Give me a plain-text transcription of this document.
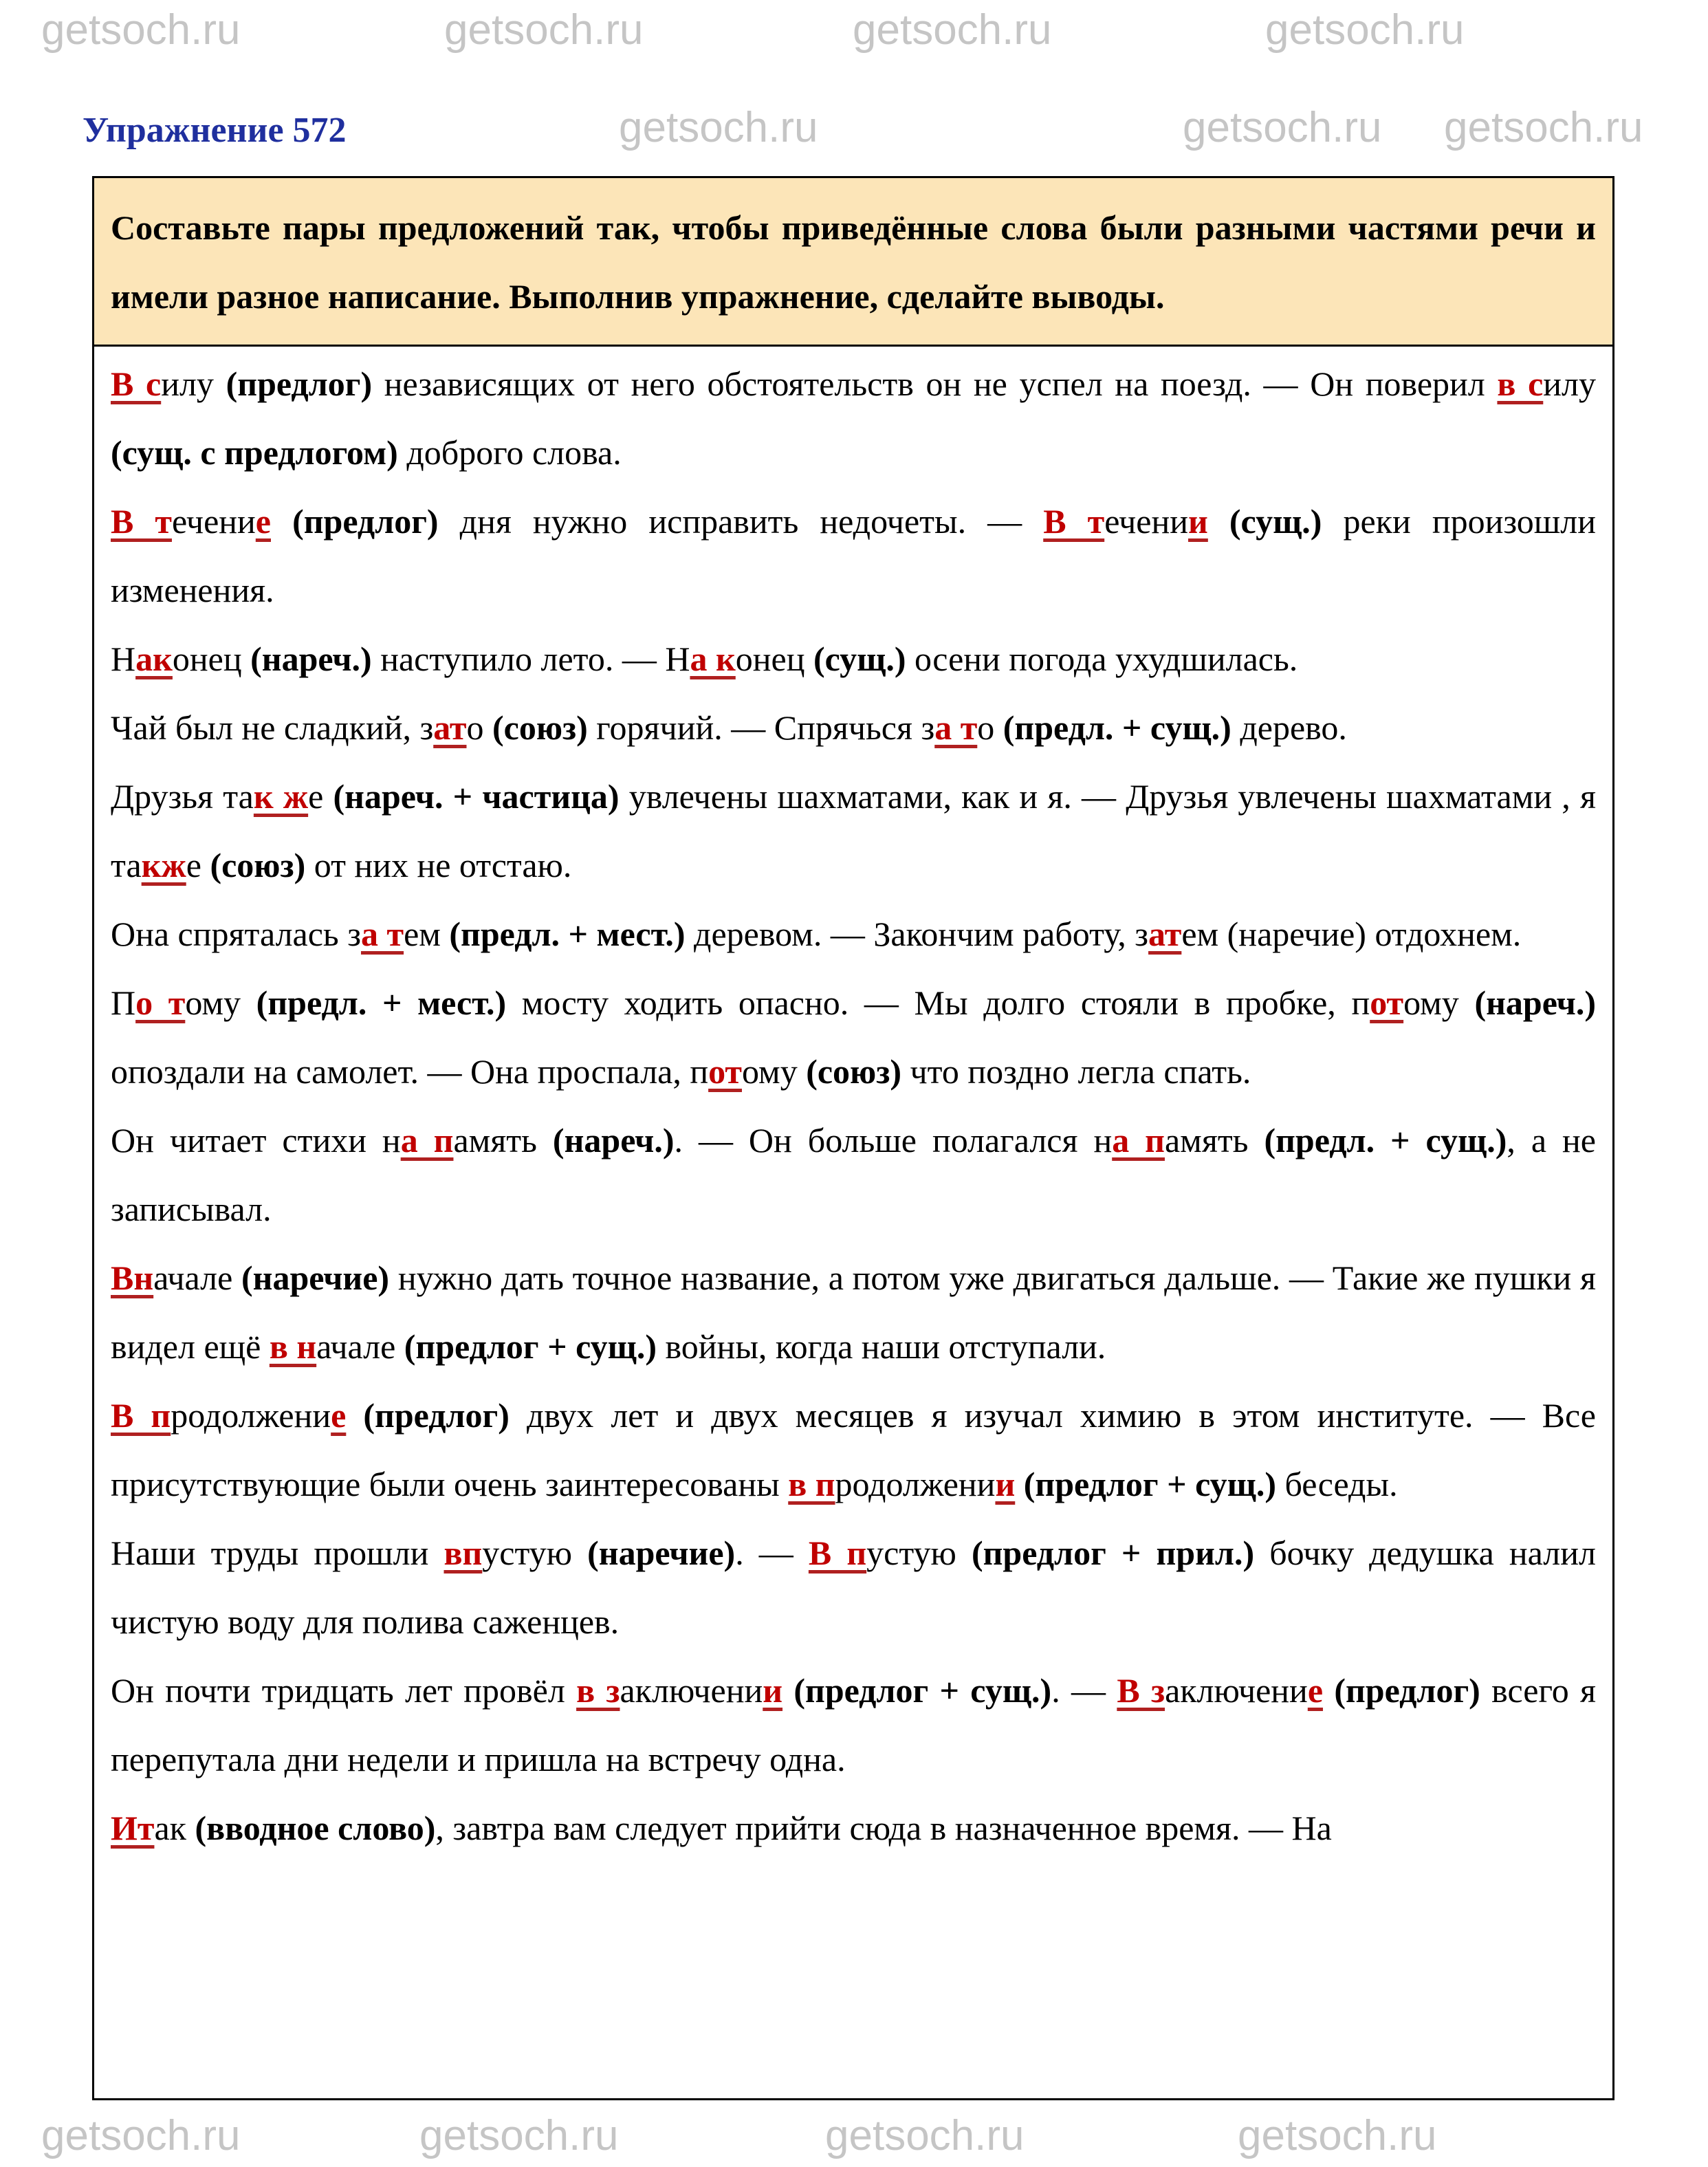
Упражнение 572
Составьте пары предложений так, чтобы приведённые слова были разными частями речи и имели разное написание. Выполнив упражнение, сделайте выводы.

В силу (предлог) независящих от него обстоятельств он не успел на поезд. — Он поверил в силу (сущ. с предлогом) доброго слова.

В течение (предлог) дня нужно исправить недочеты. — В течении (сущ.) реки произошли изменения.

Наконец (нареч.) наступило лето. — На конец (сущ.) осени погода ухудшилась.

Чай был не сладкий, зато (союз) горячий. — Спрячься за то (предл. + сущ.) дерево.

Друзья так же (нареч. + частица) увлечены шахматами, как и я. — Друзья увлечены шахматами , я также (союз) от них не отстаю.

Она спряталась за тем (предл. + мест.) деревом. — Закончим работу, затем (наречие) отдохнем.

По тому (предл. + мест.) мосту ходить опасно. — Мы долго стояли в пробке, потому (нареч.) опоздали на самолет. — Она проспала, потому (союз) что поздно легла спать.

Он читает стихи на память (нареч.). — Он больше полагался на память (предл. + сущ.), а не записывал.

Вначале (наречие) нужно дать точное название, а потом уже двигаться дальше. — Такие же пушки я видел ещё в начале (предлог + сущ.) войны, когда наши отступали.

В продолжение (предлог) двух лет и двух месяцев я изучал химию в этом институте. — Все присутствующие были очень заинтересованы в продолжении (предлог + сущ.) беседы.

Наши труды прошли впустую (наречие). — В пустую (предлог + прил.) бочку дедушка налил чистую воду для полива саженцев.

Он почти тридцать лет провёл в заключении (предлог + сущ.). — В заключение (предлог) всего я перепутала дни недели и пришла на встречу одна.

Итак (вводное слово), завтра вам следует прийти сюда в назначенное время. — На

getsoch.ru	getsoch.ru	getsoch.ru	getsoch.ru
getsoch.ru	getsoch.ru
getsoch.ru	getsoch.ru	getsoch.ru	getsoch.ru
getsoch.ru
